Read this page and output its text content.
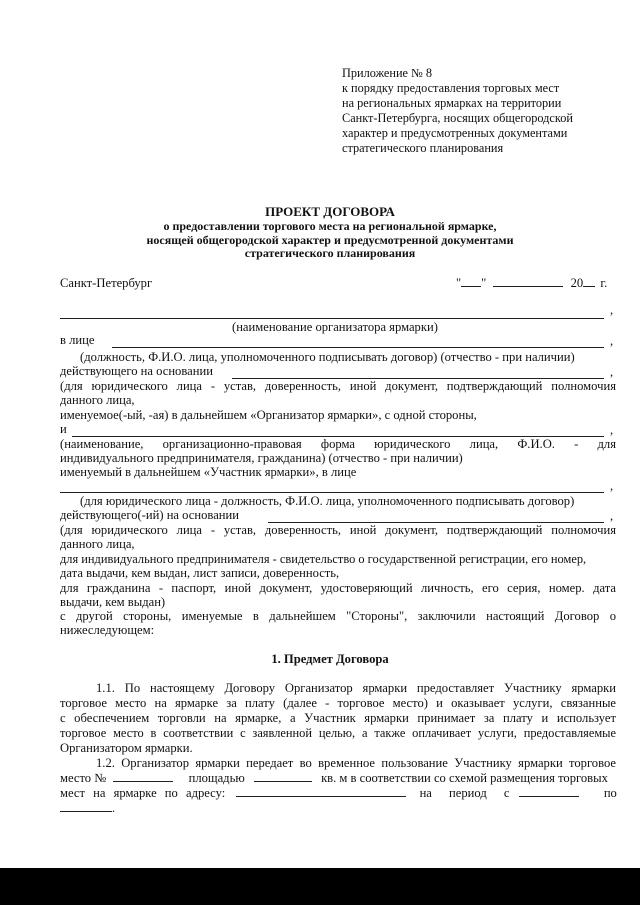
Приложение № 8
к порядку предоставления торговых мест
на региональных ярмарках на территории
Санкт-Петербурга, носящих общегородской
характер и предусмотренных документами
стратегического планирования
ПРОЕКТ ДОГОВОРА
о предоставлении торгового места на региональной ярмарке,
носящей общегородской характер и предусмотренной документами
стратегического планирования
Санкт-Петербург	" "	20 г.
,
(наименование организатора ярмарки)
в лице	,
(должность, Ф.И.О. лица, уполномоченного подписывать договор) (отчество - при наличии)
действующего на основании	,
(для юридического лица - устав, доверенность, иной документ, подтверждающий полномочия
данного лица,
именуемое(-ый, -ая) в дальнейшем «Организатор ярмарки», с одной стороны,
и	,
(наименование, организационно-правовая форма юридического лица, Ф.И.О. - для
индивидуального предпринимателя, гражданина) (отчество - при наличии)
именуемый в дальнейшем «Участник ярмарки», в лице
,
(для юридического лица - должность, Ф.И.О. лица, уполномоченного подписывать договор)
действующего(-ий) на основании	,
(для юридического лица - устав, доверенность, иной документ, подтверждающий полномочия
данного лица,
для индивидуального предпринимателя - свидетельство о государственной регистрации, его номер,
дата выдачи, кем выдан, лист записи, доверенность,
для гражданина - паспорт, иной документ, удостоверяющий личность, его серия, номер. дата
выдачи, кем выдан)
с другой стороны, именуемые в дальнейшем "Стороны", заключили настоящий Договор о
нижеследующем:
1. Предмет Договора
1.1. По настоящему Договору Организатор ярмарки предоставляет Участнику ярмарки
торговое место на ярмарке за плату (далее - торговое место) и оказывает услуги, связанные
с обеспечением торговли на ярмарке, а Участник ярмарки принимает за плату и использует
торговое место в соответствии с заявленной целью, а также оплачивает услуги, предоставляемые
Организатором ярмарки.
1.2. Организатор ярмарки передает во временное пользование Участнику ярмарки торговое
место №	площадью	кв. м в соответствии со схемой размещения торговых
мест на ярмарке по адресу:	на период с	по
.
